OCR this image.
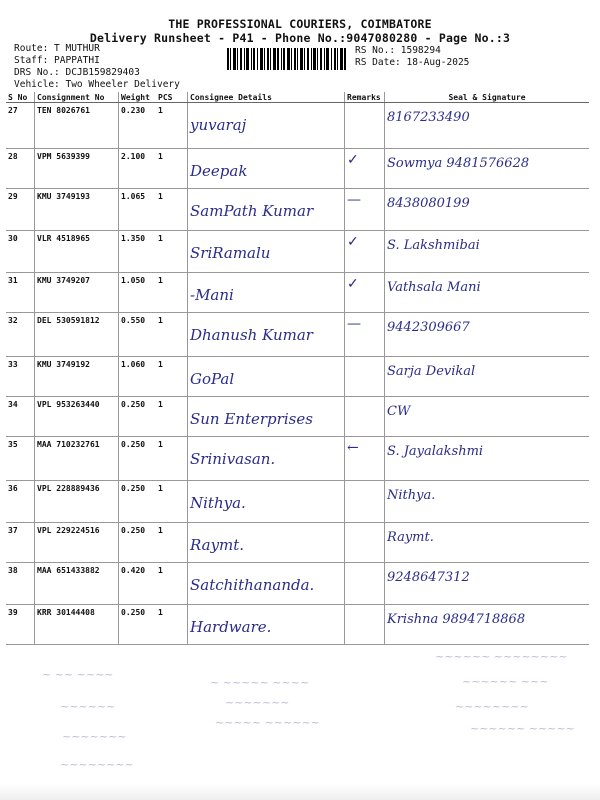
THE PROFESSIONAL COURIERS, COIMBATORE
Delivery Runsheet - P41 - Phone No.:9047080280 - Page No.:3
Route: T MUTHUR
Staff: PAPPATHI
DRS No.: DCJB159829403
Vehicle: Two Wheeler Delivery
RS No.: 1598294
RS Date: 18-Aug-2025
S No	Consignment No	Weight	PCS	Consignee Details	Remarks	Seal & Signature
27	TEN 8026761	0.230	1	yuvaraj		8167233490

28	VPM 5639399	2.100	1	Deepak	✓	Sowmya 9481576628

29	KMU 3749193	1.065	1	SamPath Kumar	—	8438080199

30	VLR 4518965	1.350	1	SriRamalu	✓	S. Lakshmibai

31	KMU 3749207	1.050	1	-Mani	✓	Vathsala Mani

32	DEL 530591812	0.550	1	Dhanush Kumar	—	9442309667

33	KMU 3749192	1.060	1	GoPal		Sarja Devikal

34	VPL 953263440	0.250	1	Sun Enterprises		CW

35	MAA 710232761	0.250	1	Srinivasan.	←	S. Jayalakshmi

36	VPL 228889436	0.250	1	Nithya.		Nithya.

37	VPL 229224516	0.250	1	Raymt.		Raymt.

38	MAA 651433882	0.420	1	Satchithananda.		9248647312

39	KRR 30144408	0.250	1	Hardware.		Krishna 9894718868
~ ~~ ~~~~
~~~~~~
~~~~~~~
~~~~~~~~
~ ~~~~~ ~~~~
~~~~~~~
~~~~~ ~~~~~~
~~~~~~ ~~~~~~~~
~~~~~~ ~~~
~~~~~~~~
~~~~~~ ~~~~~
